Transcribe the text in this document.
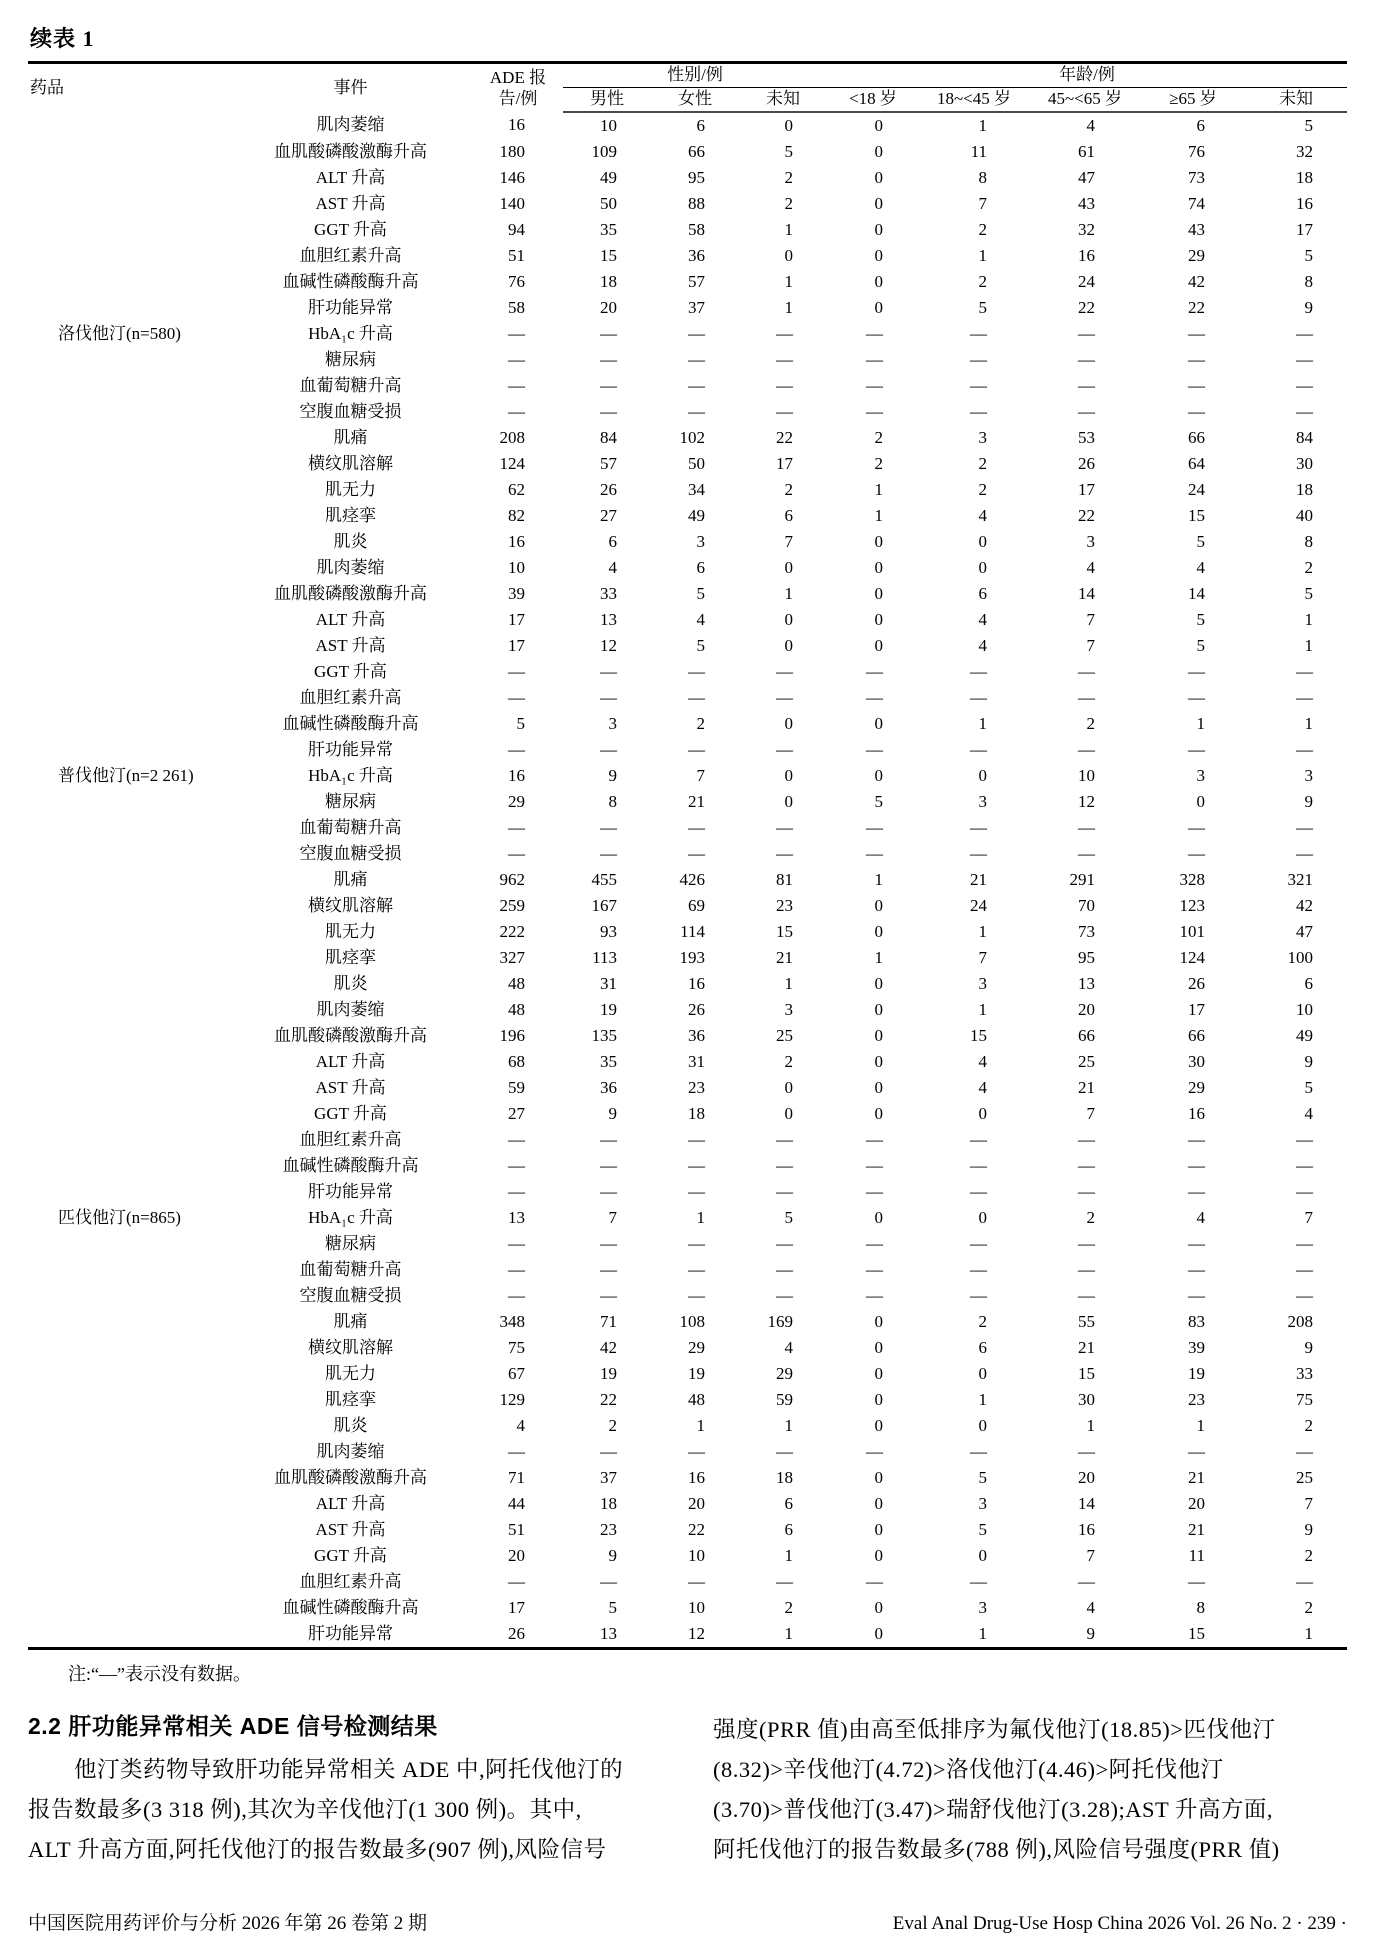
续表 1
药品	事件	ADE 报
告/例	性别/例			年龄/例				
			男性	女性	未知	<18 岁	18~<45 岁	45~<65 岁	≥65 岁	未知
	肌肉萎缩	16	10	6	0	0	1	4	6	5
	血肌酸磷酸激酶升高	180	109	66	5	0	11	61	76	32
	ALT 升高	146	49	95	2	0	8	47	73	18
	AST 升高	140	50	88	2	0	7	43	74	16
	GGT 升高	94	35	58	1	0	2	32	43	17
	血胆红素升高	51	15	36	0	0	1	16	29	5
	血碱性磷酸酶升高	76	18	57	1	0	2	24	42	8
	肝功能异常	58	20	37	1	0	5	22	22	9
洛伐他汀(n=580)	HbA₁c 升高	—	—	—	—	—	—	—	—	—
	糖尿病	—	—	—	—	—	—	—	—	—
	血葡萄糖升高	—	—	—	—	—	—	—	—	—
	空腹血糖受损	—	—	—	—	—	—	—	—	—
	肌痛	208	84	102	22	2	3	53	66	84
	横纹肌溶解	124	57	50	17	2	2	26	64	30
	肌无力	62	26	34	2	1	2	17	24	18
	肌痉挛	82	27	49	6	1	4	22	15	40
	肌炎	16	6	3	7	0	0	3	5	8
	肌肉萎缩	10	4	6	0	0	0	4	4	2
	血肌酸磷酸激酶升高	39	33	5	1	0	6	14	14	5
	ALT 升高	17	13	4	0	0	4	7	5	1
	AST 升高	17	12	5	0	0	4	7	5	1
	GGT 升高	—	—	—	—	—	—	—	—	—
	血胆红素升高	—	—	—	—	—	—	—	—	—
	血碱性磷酸酶升高	5	3	2	0	0	1	2	1	1
	肝功能异常	—	—	—	—	—	—	—	—	—
普伐他汀(n=2 261)	HbA₁c 升高	16	9	7	0	0	0	10	3	3
	糖尿病	29	8	21	0	5	3	12	0	9
	血葡萄糖升高	—	—	—	—	—	—	—	—	—
	空腹血糖受损	—	—	—	—	—	—	—	—	—
	肌痛	962	455	426	81	1	21	291	328	321
	横纹肌溶解	259	167	69	23	0	24	70	123	42
	肌无力	222	93	114	15	0	1	73	101	47
	肌痉挛	327	113	193	21	1	7	95	124	100
	肌炎	48	31	16	1	0	3	13	26	6
	肌肉萎缩	48	19	26	3	0	1	20	17	10
	血肌酸磷酸激酶升高	196	135	36	25	0	15	66	66	49
	ALT 升高	68	35	31	2	0	4	25	30	9
	AST 升高	59	36	23	0	0	4	21	29	5
	GGT 升高	27	9	18	0	0	0	7	16	4
	血胆红素升高	—	—	—	—	—	—	—	—	—
	血碱性磷酸酶升高	—	—	—	—	—	—	—	—	—
	肝功能异常	—	—	—	—	—	—	—	—	—
匹伐他汀(n=865)	HbA₁c 升高	13	7	1	5	0	0	2	4	7
	糖尿病	—	—	—	—	—	—	—	—	—
	血葡萄糖升高	—	—	—	—	—	—	—	—	—
	空腹血糖受损	—	—	—	—	—	—	—	—	—
	肌痛	348	71	108	169	0	2	55	83	208
	横纹肌溶解	75	42	29	4	0	6	21	39	9
	肌无力	67	19	19	29	0	0	15	19	33
	肌痉挛	129	22	48	59	0	1	30	23	75
	肌炎	4	2	1	1	0	0	1	1	2
	肌肉萎缩	—	—	—	—	—	—	—	—	—
	血肌酸磷酸激酶升高	71	37	16	18	0	5	20	21	25
	ALT 升高	44	18	20	6	0	3	14	20	7
	AST 升高	51	23	22	6	0	5	16	21	9
	GGT 升高	20	9	10	1	0	0	7	11	2
	血胆红素升高	—	—	—	—	—	—	—	—	—
	血碱性磷酸酶升高	17	5	10	2	0	3	4	8	2
	肝功能异常	26	13	12	1	0	1	9	15	1
注:“—”表示没有数据。
2.2 肝功能异常相关 ADE 信号检测结果
　　他汀类药物导致肝功能异常相关 ADE 中,阿托伐他汀的
报告数最多(3 318 例),其次为辛伐他汀(1 300 例)。其中,
ALT 升高方面,阿托伐他汀的报告数最多(907 例),风险信号
强度(PRR 值)由高至低排序为氟伐他汀(18.85)>匹伐他汀
(8.32)>辛伐他汀(4.72)>洛伐他汀(4.46)>阿托伐他汀
(3.70)>普伐他汀(3.47)>瑞舒伐他汀(3.28);AST 升高方面,
阿托伐他汀的报告数最多(788 例),风险信号强度(PRR 值)
中国医院用药评价与分析 2026 年第 26 卷第 2 期	Eval Anal Drug-Use Hosp China 2026 Vol. 26 No. 2 · 239 ·
